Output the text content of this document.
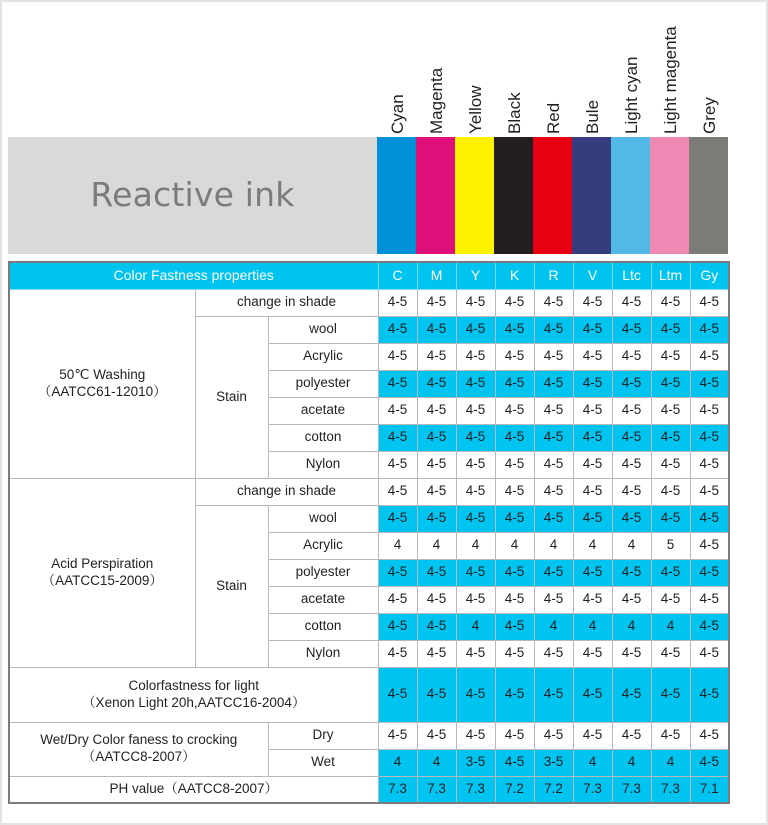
Cyan Magenta Yellow Black Red Bule Light cyan Light magenta Grey
Reactive ink
Color Fastness properties			C	M	Y	K	R	V	Ltc	Ltm	Gy

50℃ Washing
（AATCC61-12010）	change in shade		4-5	4-5	4-5	4-5	4-5	4-5	4-5	4-5	4-5
	Stain	wool	4-5	4-5	4-5	4-5	4-5	4-5	4-5	4-5	4-5
		Acrylic	4-5	4-5	4-5	4-5	4-5	4-5	4-5	4-5	4-5
		polyester	4-5	4-5	4-5	4-5	4-5	4-5	4-5	4-5	4-5
		acetate	4-5	4-5	4-5	4-5	4-5	4-5	4-5	4-5	4-5
		cotton	4-5	4-5	4-5	4-5	4-5	4-5	4-5	4-5	4-5
		Nylon	4-5	4-5	4-5	4-5	4-5	4-5	4-5	4-5	4-5

Acid Perspiration
（AATCC15-2009）	change in shade		4-5	4-5	4-5	4-5	4-5	4-5	4-5	4-5	4-5
	Stain	wool	4-5	4-5	4-5	4-5	4-5	4-5	4-5	4-5	4-5
		Acrylic	4	4	4	4	4	4	4	5	4-5
		polyester	4-5	4-5	4-5	4-5	4-5	4-5	4-5	4-5	4-5
		acetate	4-5	4-5	4-5	4-5	4-5	4-5	4-5	4-5	4-5
		cotton	4-5	4-5	4	4-5	4	4	4	4	4-5
		Nylon	4-5	4-5	4-5	4-5	4-5	4-5	4-5	4-5	4-5

Colorfastness for light
（Xenon Light 20h,AATCC16-2004）			4-5	4-5	4-5	4-5	4-5	4-5	4-5	4-5	4-5

Wet/Dry Color faness to crocking
（AATCC8-2007）		Dry	4-5	4-5	4-5	4-5	4-5	4-5	4-5	4-5	4-5
		Wet	4	4	3-5	4-5	3-5	4	4	4	4-5
PH value（AATCC8-2007）			7.3	7.3	7.3	7.2	7.2	7.3	7.3	7.3	7.1
